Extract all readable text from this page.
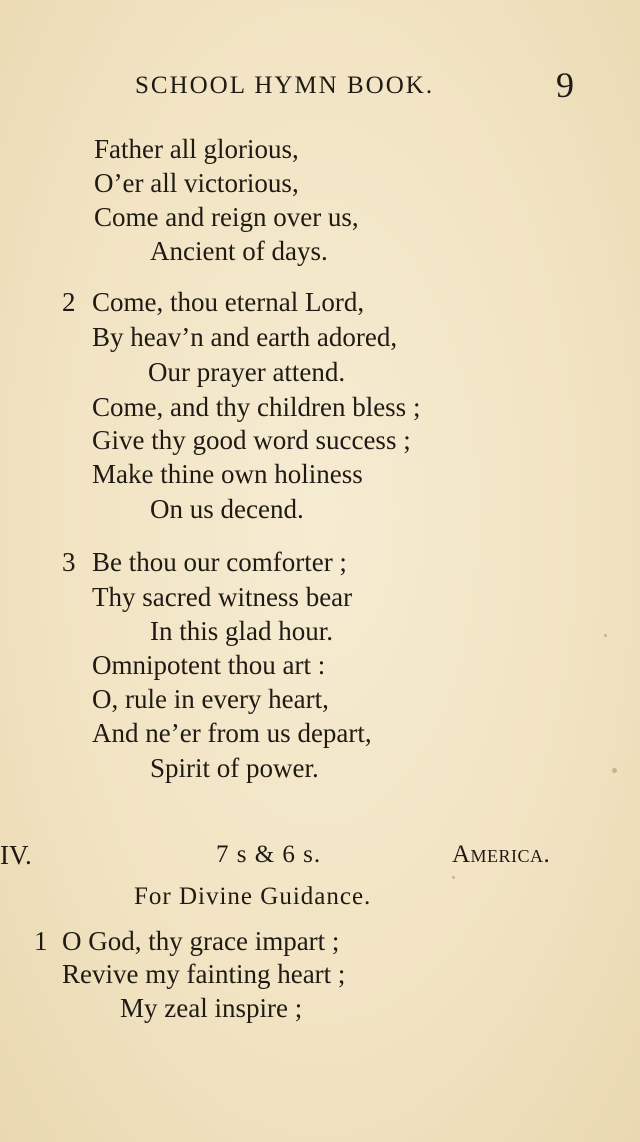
SCHOOL HYMN BOOK.	9
Father all glorious,
O’er all victorious,
Come and reign over us,
Ancient of days.
2 Come, thou eternal Lord,
By heav’n and earth adored,
Our prayer attend.
Come, and thy children bless ;
Give thy good word success ;
Make thine own holiness
On us decend.
3 Be thou our comforter ;
Thy sacred witness bear
In this glad hour.
Omnipotent thou art :
O, rule in every heart,
And ne’er from us depart,
Spirit of power.
IV.	7 s & 6 s.	America.
For Divine Guidance.
1 O God, thy grace impart ;
Revive my fainting heart ;
My zeal inspire ;
